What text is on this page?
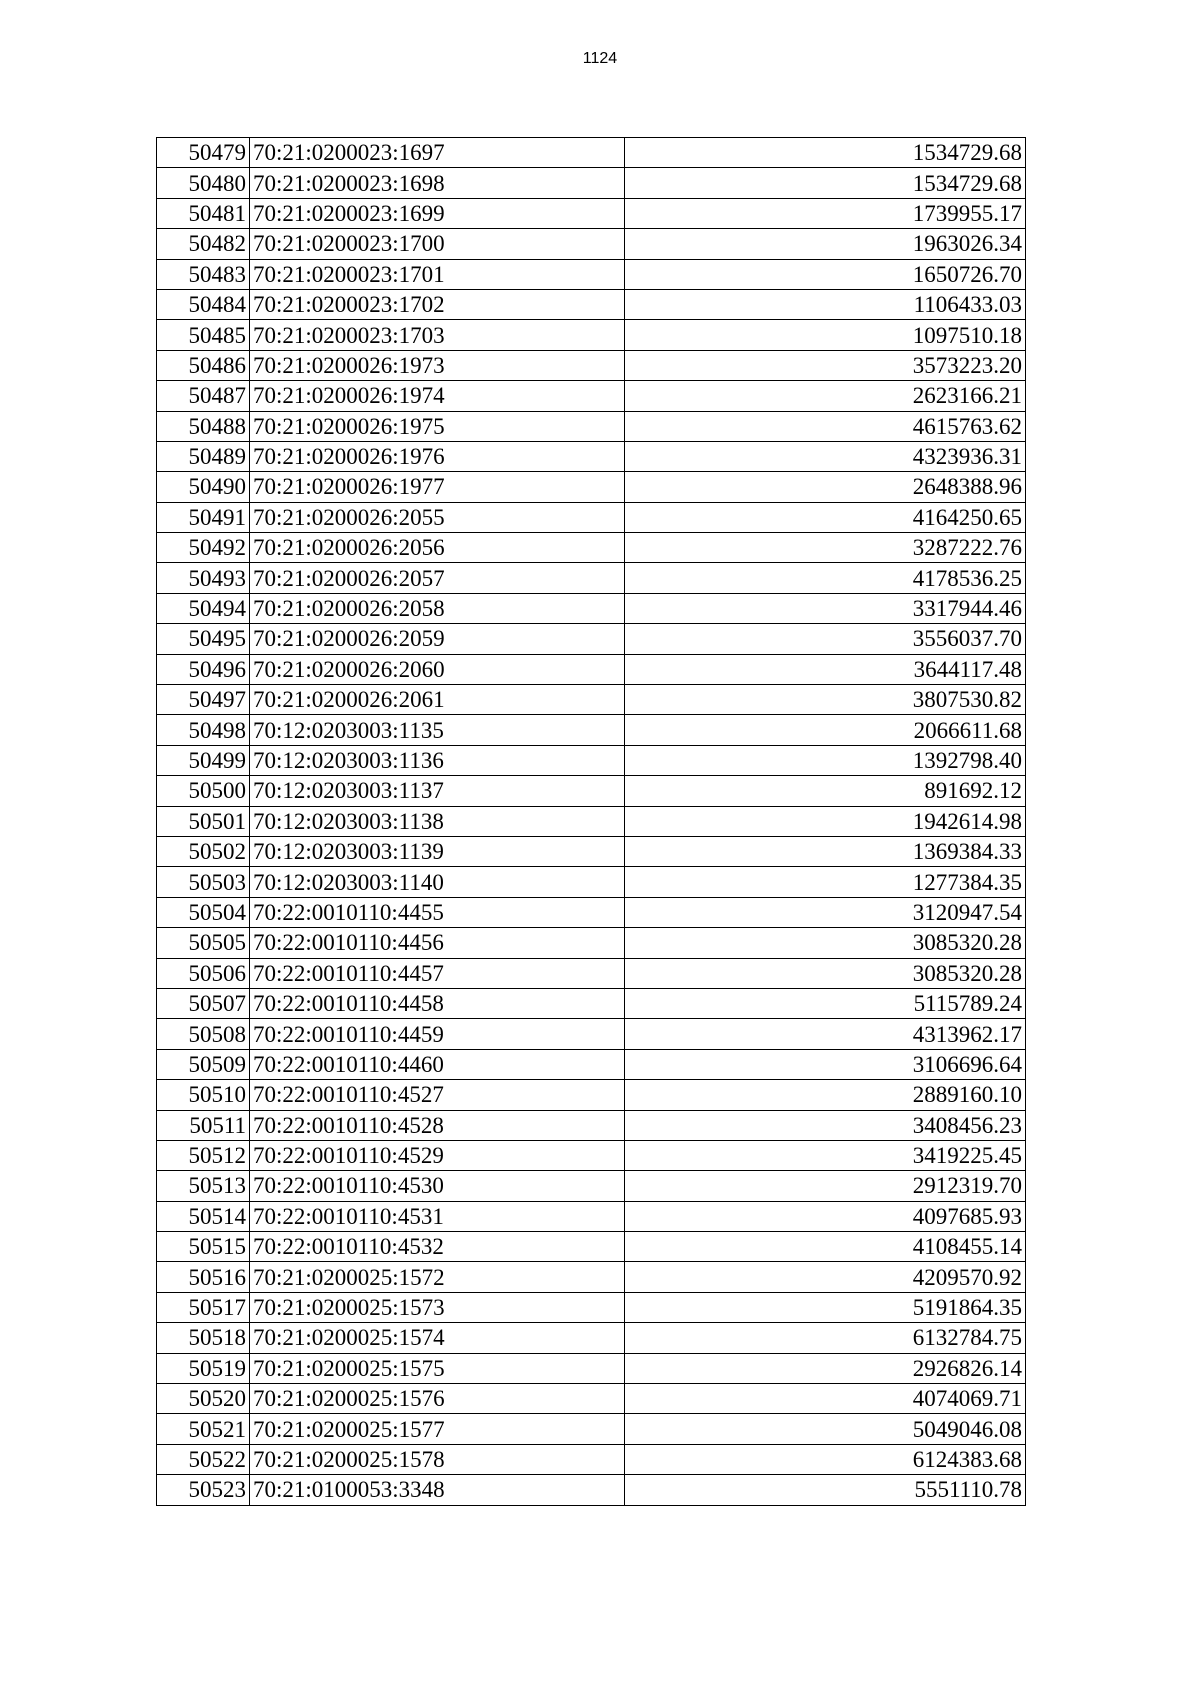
1124
50479	70:21:0200023:1697	1534729.68
50480	70:21:0200023:1698	1534729.68
50481	70:21:0200023:1699	1739955.17
50482	70:21:0200023:1700	1963026.34
50483	70:21:0200023:1701	1650726.70
50484	70:21:0200023:1702	1106433.03
50485	70:21:0200023:1703	1097510.18
50486	70:21:0200026:1973	3573223.20
50487	70:21:0200026:1974	2623166.21
50488	70:21:0200026:1975	4615763.62
50489	70:21:0200026:1976	4323936.31
50490	70:21:0200026:1977	2648388.96
50491	70:21:0200026:2055	4164250.65
50492	70:21:0200026:2056	3287222.76
50493	70:21:0200026:2057	4178536.25
50494	70:21:0200026:2058	3317944.46
50495	70:21:0200026:2059	3556037.70
50496	70:21:0200026:2060	3644117.48
50497	70:21:0200026:2061	3807530.82
50498	70:12:0203003:1135	2066611.68
50499	70:12:0203003:1136	1392798.40
50500	70:12:0203003:1137	891692.12
50501	70:12:0203003:1138	1942614.98
50502	70:12:0203003:1139	1369384.33
50503	70:12:0203003:1140	1277384.35
50504	70:22:0010110:4455	3120947.54
50505	70:22:0010110:4456	3085320.28
50506	70:22:0010110:4457	3085320.28
50507	70:22:0010110:4458	5115789.24
50508	70:22:0010110:4459	4313962.17
50509	70:22:0010110:4460	3106696.64
50510	70:22:0010110:4527	2889160.10
50511	70:22:0010110:4528	3408456.23
50512	70:22:0010110:4529	3419225.45
50513	70:22:0010110:4530	2912319.70
50514	70:22:0010110:4531	4097685.93
50515	70:22:0010110:4532	4108455.14
50516	70:21:0200025:1572	4209570.92
50517	70:21:0200025:1573	5191864.35
50518	70:21:0200025:1574	6132784.75
50519	70:21:0200025:1575	2926826.14
50520	70:21:0200025:1576	4074069.71
50521	70:21:0200025:1577	5049046.08
50522	70:21:0200025:1578	6124383.68
50523	70:21:0100053:3348	5551110.78
